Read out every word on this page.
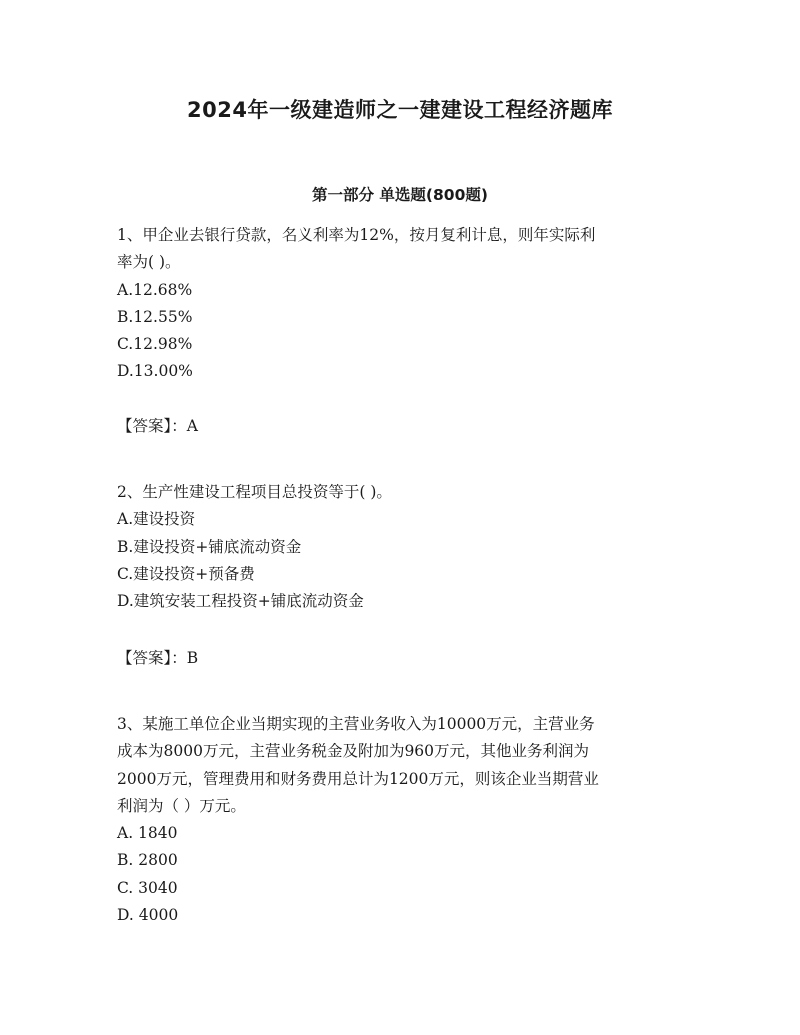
2024年一级建造师之一建建设工程经济题库
第一部分 单选题(800题)
1、甲企业去银行贷款，名义利率为12%，按月复利计息，则年实际利
率为( )。
A.12.68%
B.12.55%
C.12.98%
D.13.00%
【答案】：A
2、生产性建设工程项目总投资等于( )。
A.建设投资
B.建设投资+铺底流动资金
C.建设投资+预备费
D.建筑安装工程投资+铺底流动资金
【答案】：B
3、某施工单位企业当期实现的主营业务收入为10000万元，主营业务
成本为8000万元，主营业务税金及附加为960万元，其他业务利润为
2000万元，管理费用和财务费用总计为1200万元，则该企业当期营业
利润为（ ）万元。
A. 1840
B. 2800
C. 3040
D. 4000
